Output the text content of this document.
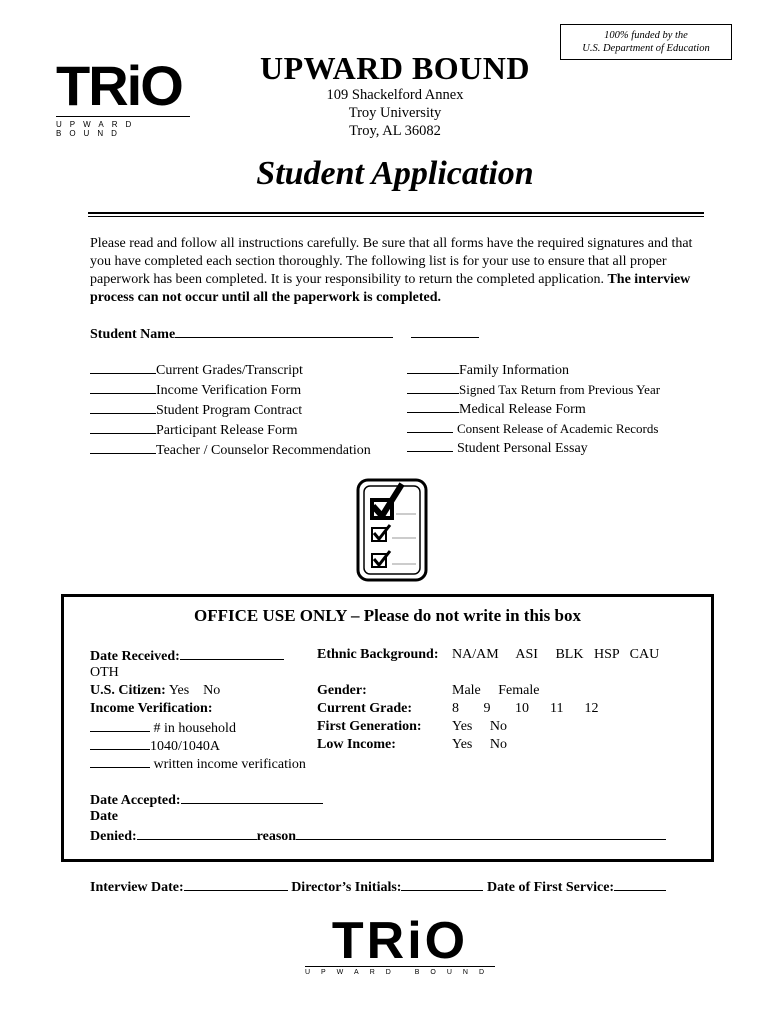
100% funded by the
U.S. Department of Education
TRiO
UPWARD BOUND
UPWARD BOUND
109 Shackelford Annex
Troy University
Troy, AL 36082
Student Application
Please read and follow all instructions carefully. Be sure that all forms have the required signatures and that you have completed each section thoroughly. The following list is for your use to ensure that all proper paperwork has been completed. It is your responsibility to return the completed application. The interview process can not occur until all the paperwork is completed.
Student Name
Current Grades/Transcript
Income Verification Form
Student Program Contract
Participant Release Form
Teacher / Counselor Recommendation
Family Information
Signed Tax Return from Previous Year
Medical Release Form
Consent Release of Academic Records
Student Personal Essay
OFFICE USE ONLY – Please do not write in this box
Date Received:	Ethnic Background: NA/AM     ASI     BLK   HSP   CAU
OTH
U.S. Citizen: Yes    No	Gender:	Male     Female
Income Verification:	Current Grade:	8       9       10      11      12
# in household	First Generation: Yes     No
1040/1040A	Low Income:	Yes     No
written income verification
Date Accepted:
Date
Denied:	reason
Interview Date:	Director’s Initials:	Date of First Service:
TRiO
UPWARD BOUND
